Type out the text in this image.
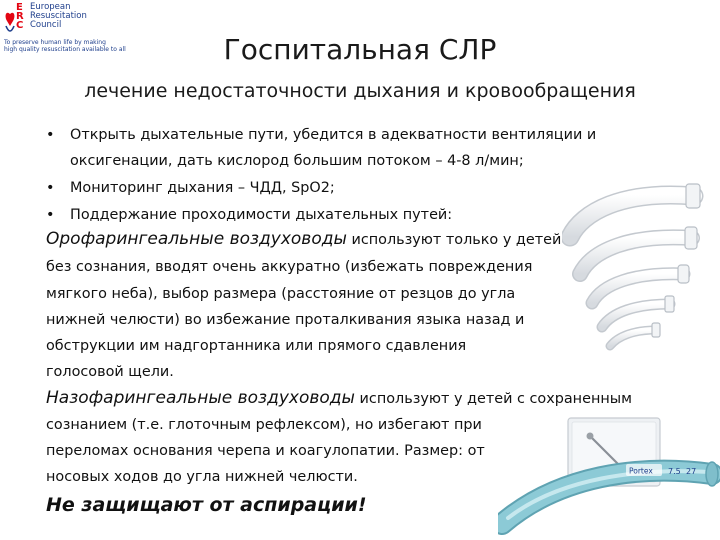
E
R
C
European
Resuscitation
Council
To preserve human life by making
high quality resuscitation available to all	Госпитальная СЛР
лечение недостаточности дыхания и кровообращения
• Открыть дыхательные пути, убедится в адекватности вентиляции и
оксигенации, дать кислород большим потоком – 4-8 л/мин;
• Мониторинг дыхания – ЧДД, SpO2;
• Поддержание проходимости дыхательных путей:
Орофарингеальные воздуховоды используют только у детей
без сознания, вводят очень аккуратно (избежать повреждения
мягкого неба), выбор размера (расстояние от резцов до угла
нижней челюсти) во избежание проталкивания языка назад и
обструкции им надгортанника или прямого сдавления
голосовой щели.
Назофарингеальные воздуховоды используют у детей с сохраненным
сознанием (т.е. глоточным рефлексом), но избегают при
переломах основания черепа и коагулопатии. Размер: от
носовых ходов до угла нижней челюсти.
Не защищают от аспирации!
Portex 7.5 27
